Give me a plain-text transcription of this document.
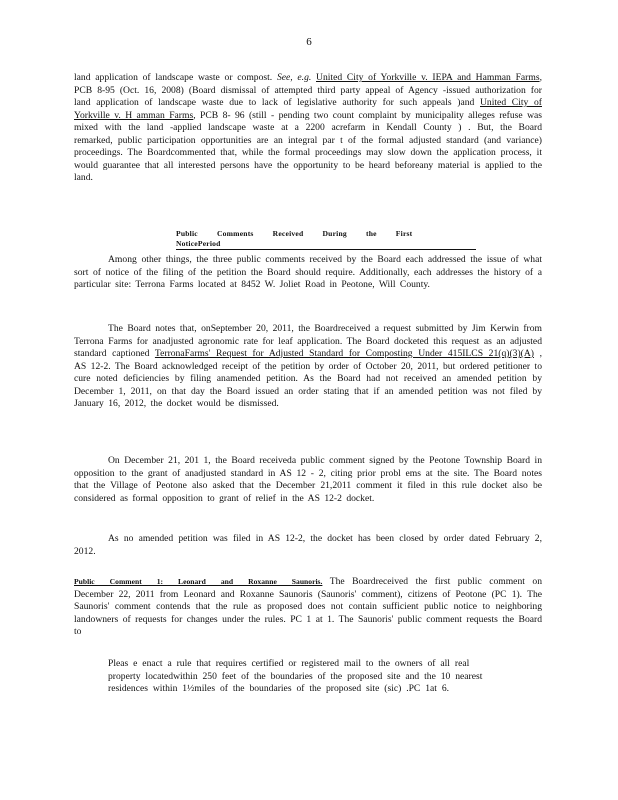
6

land application of landscape waste or compost. See, e.g. United City of Yorkville v. IEPA and Hamman Farms, PCB 8-95 (Oct. 16, 2008) (Board dismissal of attempted third party appeal of Agency -issued authorization for land application of landscape waste due to lack of legislative authority for such appeals )and United City of Yorkville v. H amman Farms, PCB 8- 96 (still - pending two count complaint by municipality alleges refuse was mixed with the land -applied landscape waste at a 2200 acrefarm in Kendall County ) . But, the Board remarked, public participation opportunities are an integral par t of the formal adjusted standard (and variance) proceedings. The Boardcommented that, while the formal proceedings may slow down the application process, it would guarantee that all interested persons have the opportunity to be heard beforeany material is applied to the land.

Public Comments Received During the First NoticePeriod

Among other things, the three public comments received by the Board each addressed the issue of what sort of notice of the filing of the petition the Board should require. Additionally, each addresses the history of a particular site: Terrona Farms located at 8452 W. Joliet Road in Peotone, Will County.

The Board notes that, onSeptember 20, 2011, the Boardreceived a request submitted by Jim Kerwin from Terrona Farms for anadjusted agronomic rate for leaf application. The Board docketed this request as an adjusted standard captioned TerronaFarms' Request for Adjusted Standard for Composting Under 415ILCS 21(q)(3)(A) , AS 12-2. The Board acknowledged receipt of the petition by order of October 20, 2011, but ordered petitioner to cure noted deficiencies by filing anamended petition. As the Board had not received an amended petition by December 1, 2011, on that day the Board issued an order stating that if an amended petition was not filed by January 16, 2012, the docket would be dismissed.

On December 21, 201 1, the Board receiveda public comment signed by the Peotone Township Board in opposition to the grant of anadjusted standard in AS 12 - 2, citing prior probl ems at the site. The Board notes that the Village of Peotone also asked that the December 21,2011 comment it filed in this rule docket also be considered as formal opposition to grant of relief in the AS 12-2 docket.

As no amended petition was filed in AS 12-2, the docket has been closed by order dated February 2, 2012.

Public Comment 1: Leonard and Roxanne Saunoris. The Boardreceived the first public comment on December 22, 2011 from Leonard and Roxanne Saunoris (Saunoris' comment), citizens of Peotone (PC 1). The Saunoris' comment contends that the rule as proposed does not contain sufficient public notice to neighboring landowners of requests for changes under the rules. PC 1 at 1. The Saunoris' public comment requests the Board to

Pleas e enact a rule that requires certified or registered mail to the owners of all real property locatedwithin 250 feet of the boundaries of the proposed site and the 10 nearest residences within 1½miles of the boundaries of the proposed site (sic) .PC 1at 6.
